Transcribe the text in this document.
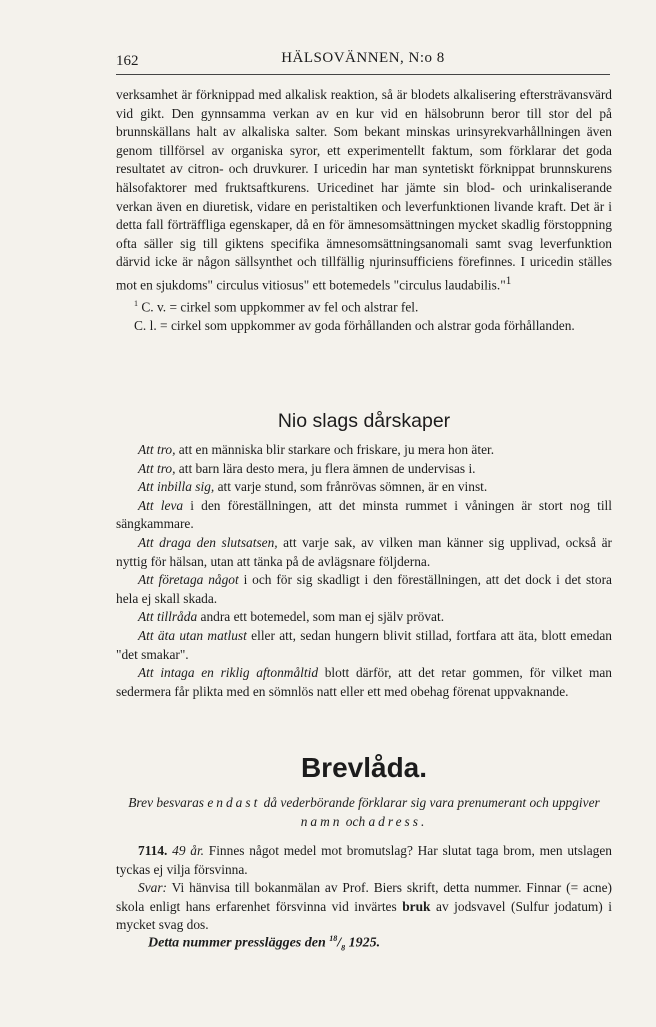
162	HÄLSOVÄNNEN, N:o 8

verksamhet är förknippad med alkalisk reaktion, så är blodets alkalisering eftersträvansvärd vid gikt. Den gynnsamma verkan av en kur vid en hälsobrunn beror till stor del på brunnskällans halt av alkaliska salter. Som bekant minskas urinsyrekvarhållningen även genom tillförsel av organiska syror, ett experimentellt faktum, som förklarar det goda resultatet av citron- och druvkurer. I uricedin har man syntetiskt förknippat brunnskurens hälsofaktorer med fruktsaftkurens. Uricedinet har jämte sin blod- och urinkaliserande verkan även en diuretisk, vidare en peristaltiken och leverfunktionen livande kraft. Det är i detta fall förträffliga egenskaper, då en för ämnesomsättningen mycket skadlig förstoppning ofta säller sig till giktens specifika ämnesomsättningsanomali samt svag leverfunktion därvid icke är någon sällsynthet och tillfällig njurinsufficiens förefinnes. I uricedin ställes mot en sjukdoms" circulus vitiosus" ett botemedels "circulus laudabilis."$^1$

$^1$ C. v. = cirkel som uppkommer av fel och alstrar fel.

C. l. = cirkel som uppkommer av goda förhållanden och alstrar goda förhållanden.

Nio slags dårskaper

Att tro, att en människa blir starkare och friskare, ju mera hon äter.

Att tro, att barn lära desto mera, ju flera ämnen de undervisas i.

Att inbilla sig, att varje stund, som frånrövas sömnen, är en vinst.

Att leva i den föreställningen, att det minsta rummet i våningen är stort nog till sängkammare.

Att draga den slutsatsen, att varje sak, av vilken man känner sig upplivad, också är nyttig för hälsan, utan att tänka på de avlägsnare följderna.

Att företaga något i och för sig skadligt i den föreställningen, att det dock i det stora hela ej skall skada.

Att tillråda andra ett botemedel, som man ej själv prövat.

Att äta utan matlust eller att, sedan hungern blivit stillad, fortfara att äta, blott emedan "det smakar".

Att intaga en riklig aftonmåltid blott därför, att det retar gommen, för vilket man sedermera får plikta med en sömnlös natt eller ett med obehag förenat uppvaknande.

Brevlåda.

Brev besvaras endast då vederbörande förklarar sig vara prenumerant och uppgiver namn och adress.

7114. 49 år. Finnes något medel mot bromutslag? Har slutat taga brom, men utslagen tyckas ej vilja försvinna.

Svar: Vi hänvisa till bokanmälan av Prof. Biers skrift, detta nummer. Finnar (= acne) skola enligt hans erfarenhet försvinna vid invärtes bruk av jodsvavel (Sulfur jodatum) i mycket svag dos.

Detta nummer presslägges den $^{18}/_8$ 1925.
